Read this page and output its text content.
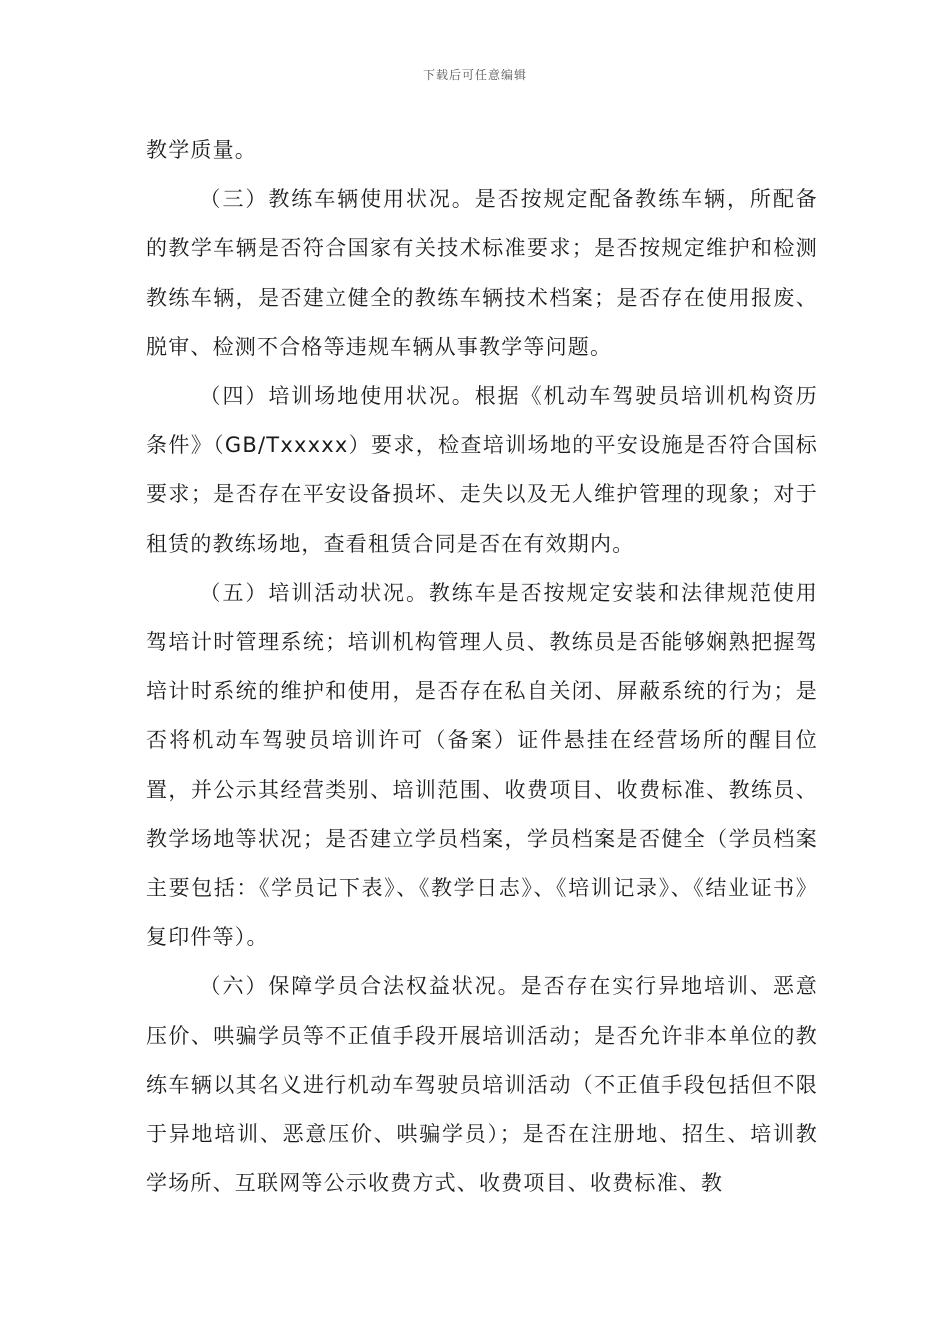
下载后可任意编辑

教学质量。

（三）教练车辆使用状况。是否按规定配备教练车辆，所配备的教学车辆是否符合国家有关技术标准要求；是否按规定维护和检测教练车辆，是否建立健全的教练车辆技术档案；是否存在使用报废、脱审、检测不合格等违规车辆从事教学等问题。

（四）培训场地使用状况。根据《机动车驾驶员培训机构资历条件》（GB/Txxxxx）要求，检查培训场地的平安设施是否符合国标要求；是否存在平安设备损坏、走失以及无人维护管理的现象；对于租赁的教练场地，查看租赁合同是否在有效期内。

（五）培训活动状况。教练车是否按规定安装和法律规范使用驾培计时管理系统；培训机构管理人员、教练员是否能够娴熟把握驾培计时系统的维护和使用，是否存在私自关闭、屏蔽系统的行为；是否将机动车驾驶员培训许可（备案）证件悬挂在经营场所的醒目位置，并公示其经营类别、培训范围、收费项目、收费标准、教练员、教学场地等状况；是否建立学员档案，学员档案是否健全（学员档案主要包括：《学员记下表》、《教学日志》、《培训记录》、《结业证书》复印件等）。

（六）保障学员合法权益状况。是否存在实行异地培训、恶意压价、哄骗学员等不正值手段开展培训活动；是否允许非本单位的教练车辆以其名义进行机动车驾驶员培训活动（不正值手段包括但不限于异地培训、恶意压价、哄骗学员）；是否在注册地、招生、培训教学场所、互联网等公示收费方式、收费项目、收费标准、教
